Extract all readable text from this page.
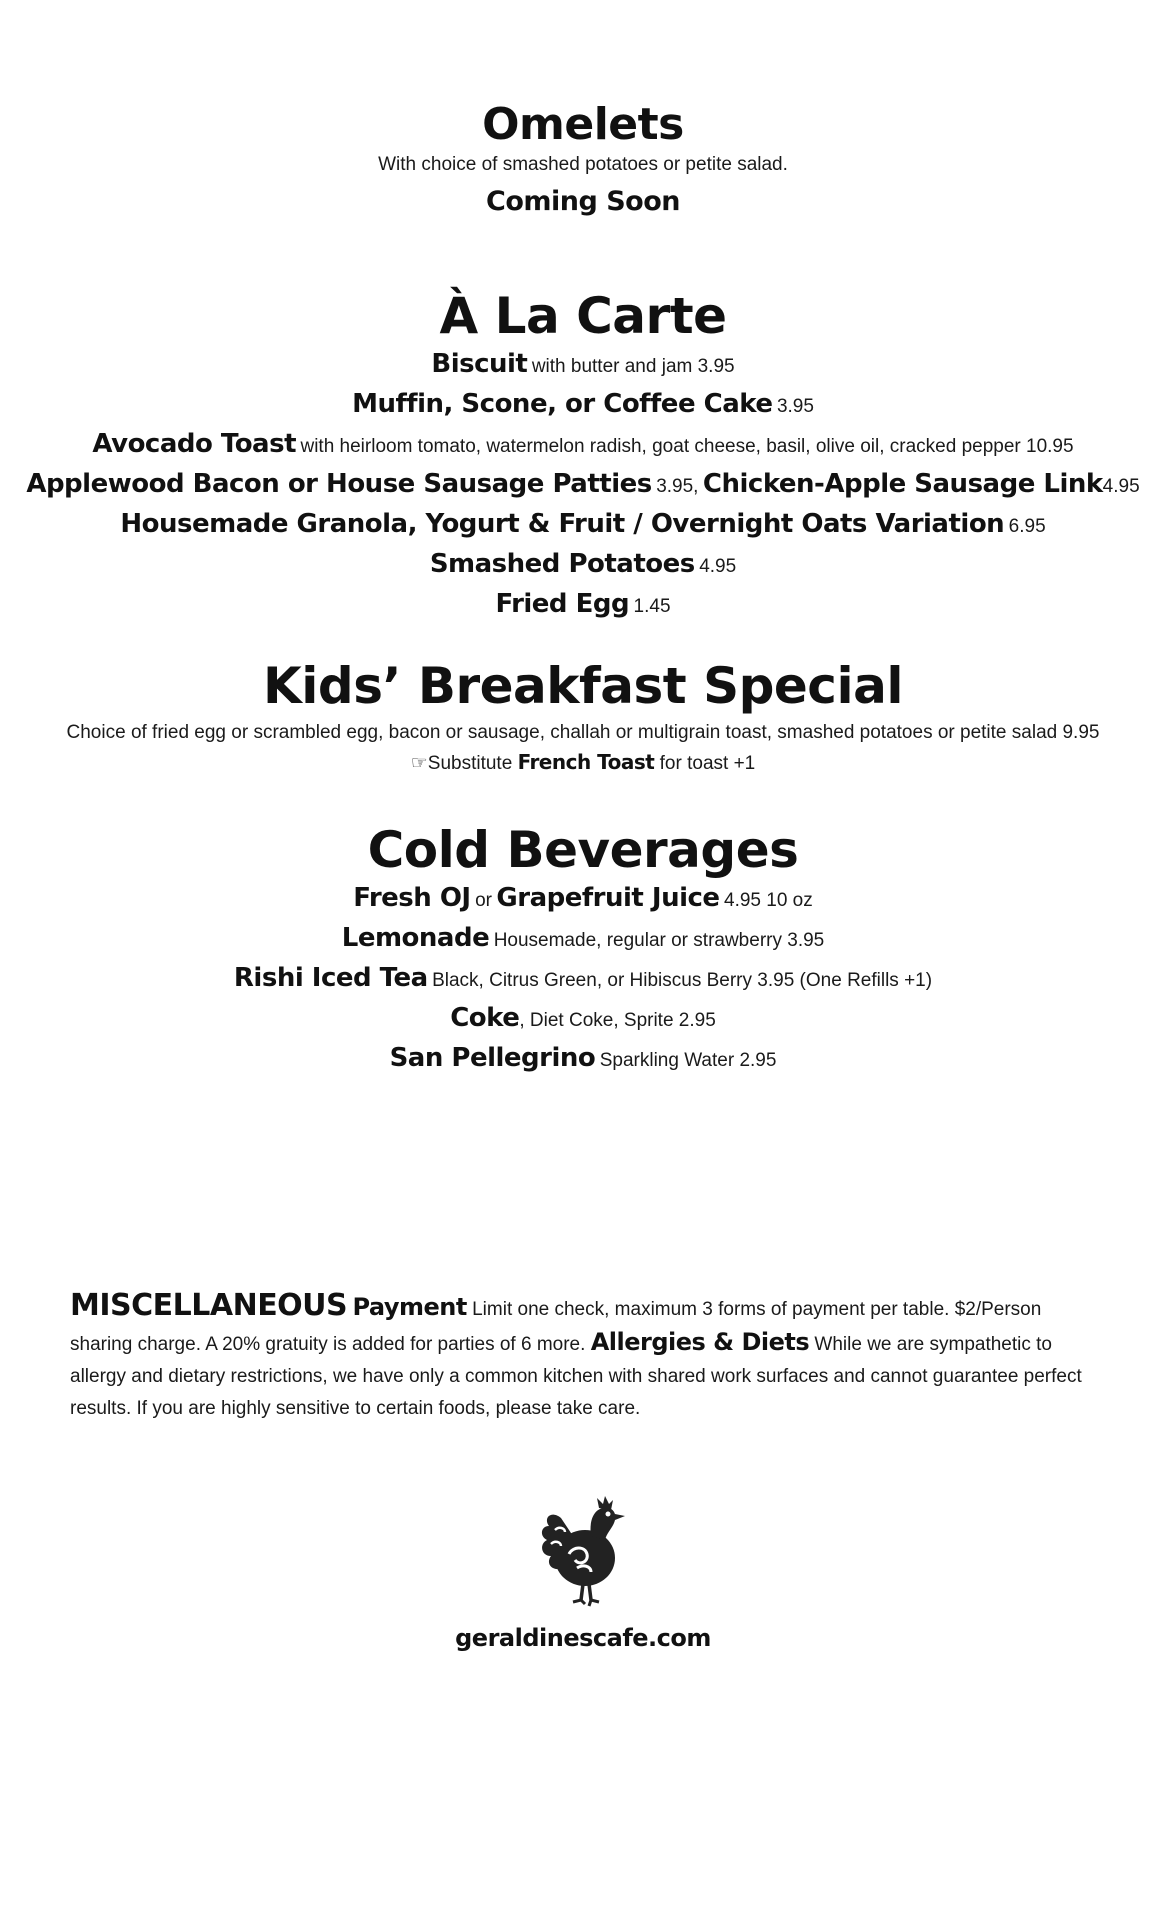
Omelets

With choice of smashed potatoes or petite salad.

Coming Soon

À La Carte

Biscuit with butter and jam 3.95

Muffin, Scone, or Coffee Cake 3.95

Avocado Toast with heirloom tomato, watermelon radish, goat cheese, basil, olive oil, cracked pepper 10.95

Applewood Bacon or House Sausage Patties 3.95, Chicken-Apple Sausage Link4.95

Housemade Granola, Yogurt & Fruit / Overnight Oats Variation 6.95

Smashed Potatoes 4.95

Fried Egg 1.45

Kids’ Breakfast Special

Choice of fried egg or scrambled egg, bacon or sausage, challah or multigrain toast, smashed potatoes or petite salad 9.95

☞Substitute French Toast for toast +1

Cold Beverages

Fresh OJ or Grapefruit Juice 4.95 10 oz

Lemonade Housemade, regular or strawberry 3.95

Rishi Iced Tea Black, Citrus Green, or Hibiscus Berry 3.95 (One Refills +1)

Coke, Diet Coke, Sprite 2.95

San Pellegrino Sparkling Water 2.95

MISCELLANEOUS Payment Limit one check, maximum 3 forms of payment per table. $2/Person sharing charge. A 20% gratuity is added for parties of 6 more. Allergies & Diets While we are sympathetic to allergy and dietary restrictions, we have only a common kitchen with shared work surfaces and cannot guarantee perfect results. If you are highly sensitive to certain foods, please take care.
geraldinescafe.com
